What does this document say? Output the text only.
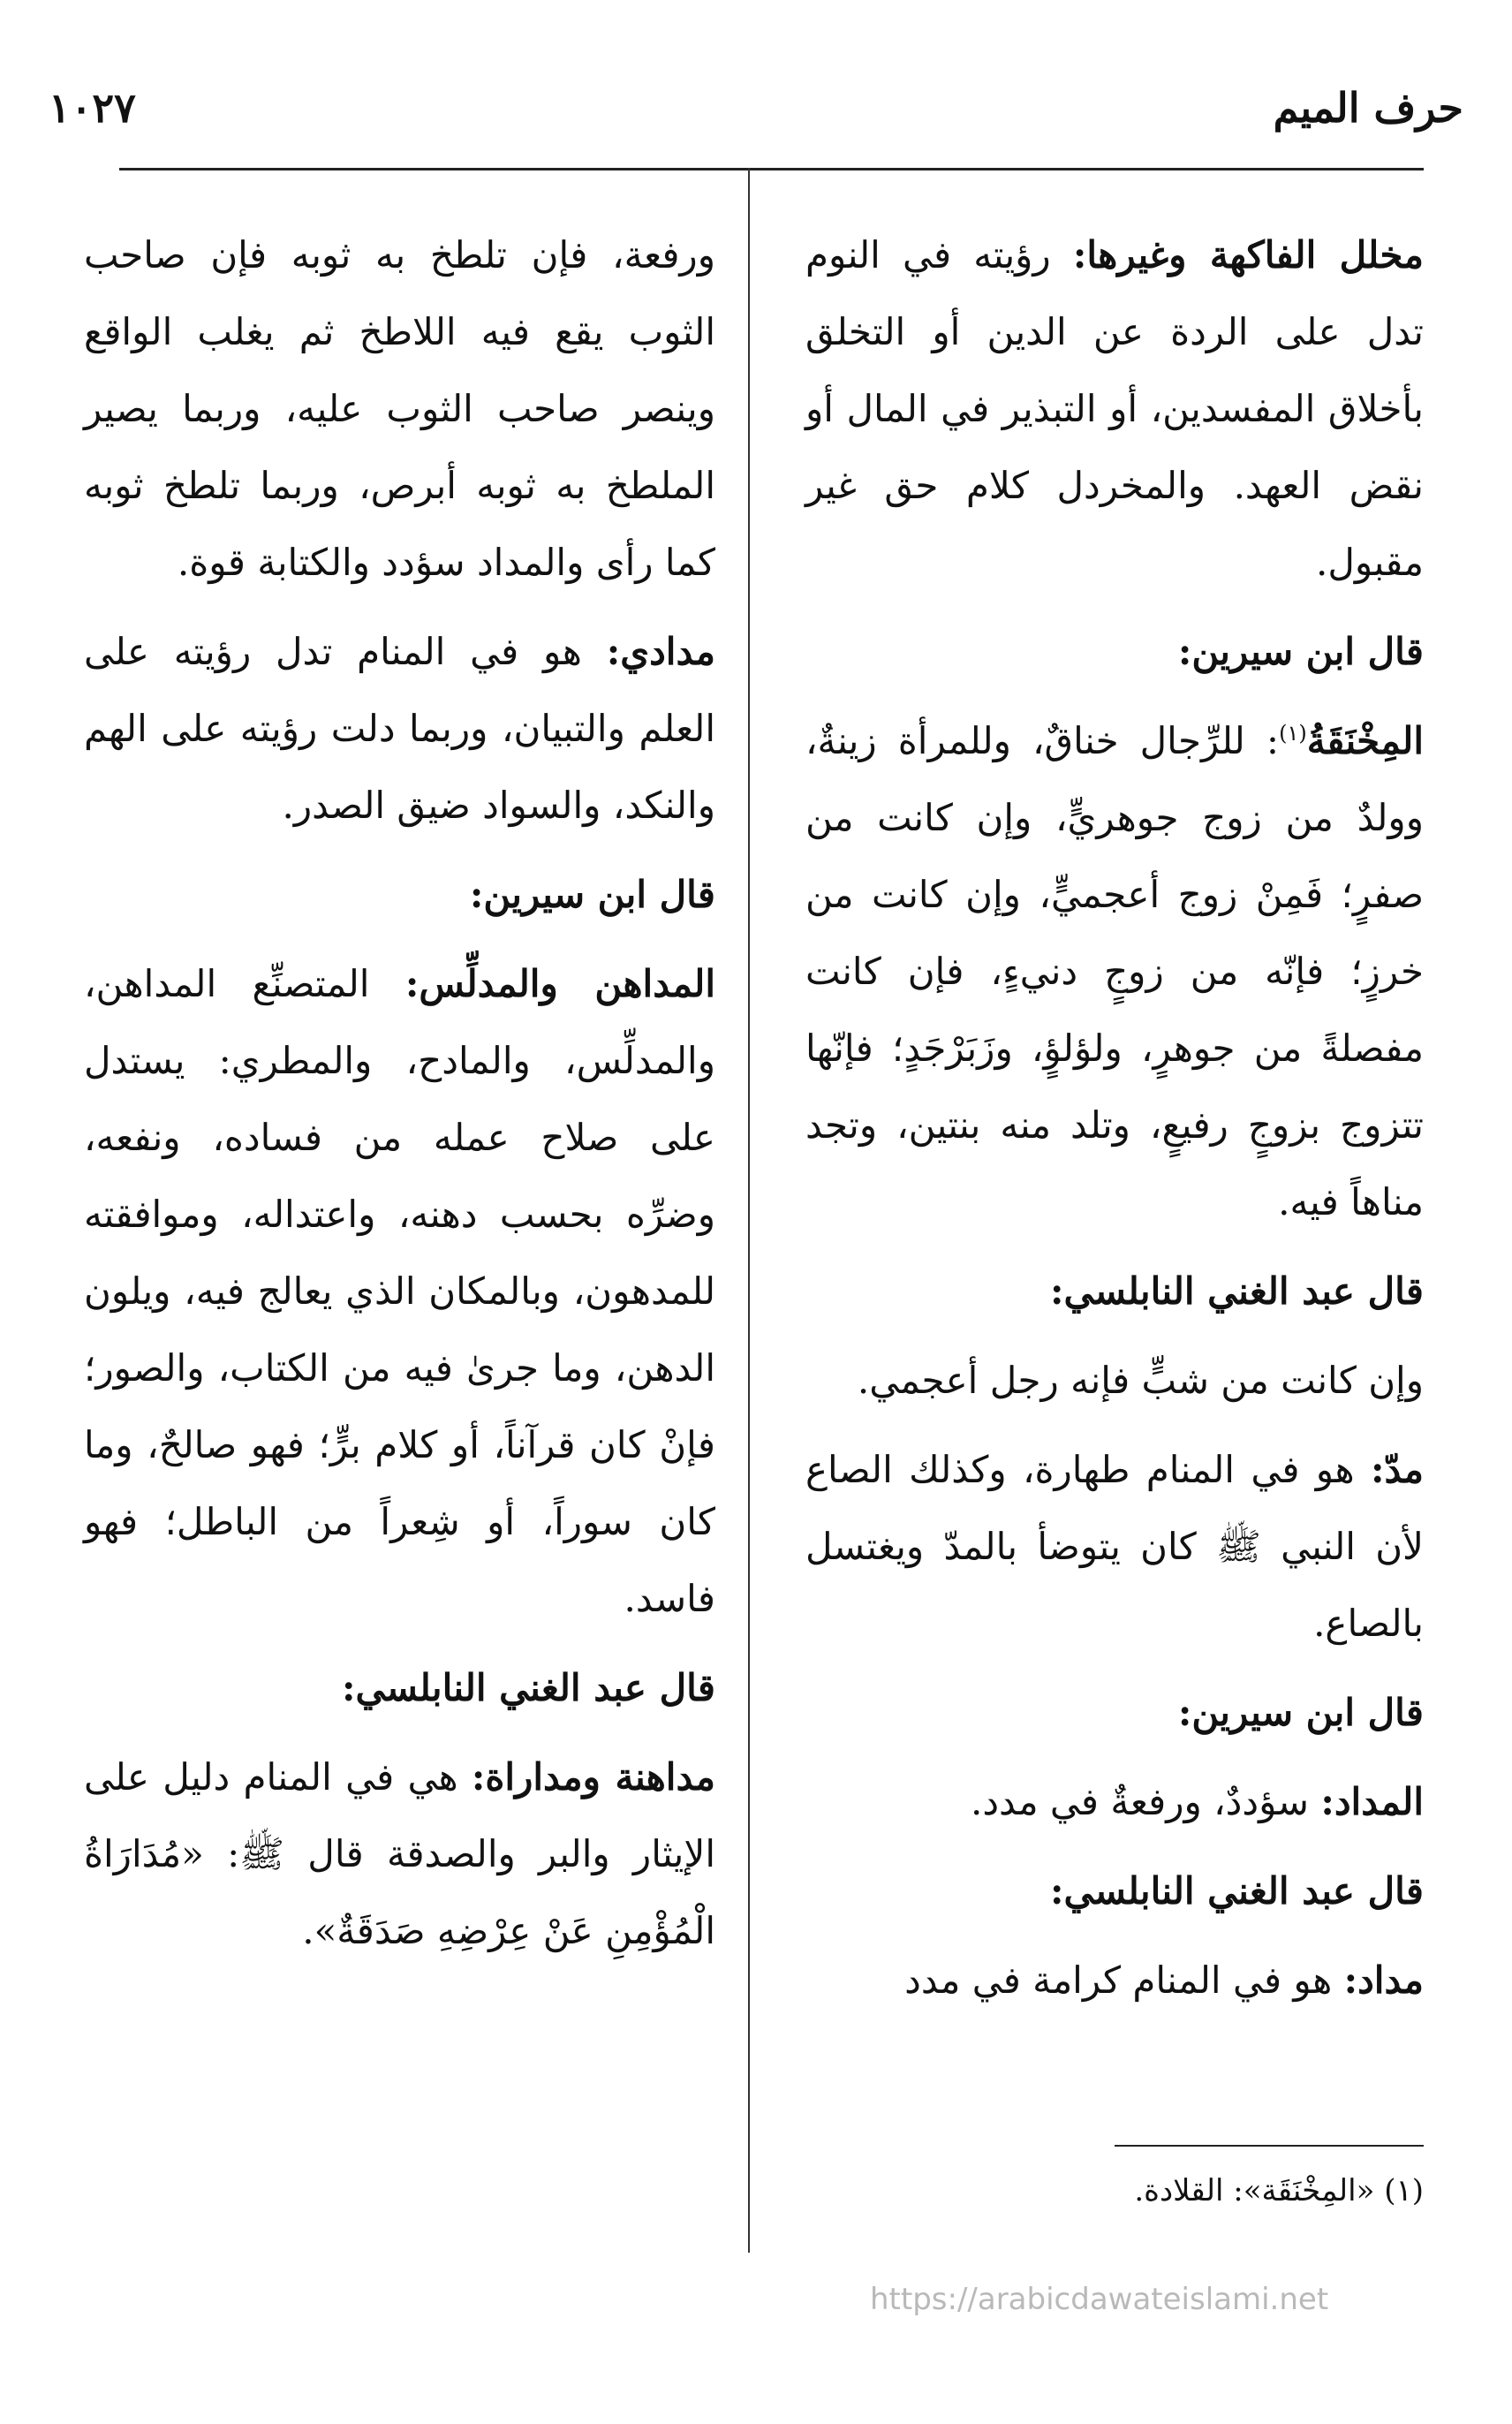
حرف الميم
١٠٢٧

مخلل الفاكهة وغيرها: رؤيته في النوم تدل على الردة عن الدين أو التخلق بأخلاق المفسدين، أو التبذير في المال أو نقض العهد. والمخردل كلام حق غير مقبول.

قال ابن سيرين:

المِخْنَقَةُ$^{(١)}$: للرِّجال خناقٌ، وللمرأة زينةٌ، وولدٌ من زوج جوهريٍّ، وإن كانت من صفرٍ؛ فَمِنْ زوج أعجميٍّ، وإن كانت من خرزٍ؛ فإنّه من زوجٍ دنيءٍ، فإن كانت مفصلةً من جوهرٍ، ولؤلؤٍ، وزَبَرْجَدٍ؛ فإنّها تتزوج بزوجٍ رفيعٍ، وتلد منه بنتين، وتجد مناهاً فيه.

قال عبد الغني النابلسي:

وإن كانت من شبٍّ فإنه رجل أعجمي.

مدّ: هو في المنام طهارة، وكذلك الصاع لأن النبي ﷺ كان يتوضأ بالمدّ ويغتسل بالصاع.

قال ابن سيرين:

المداد: سؤددٌ، ورفعةٌ في مدد.

قال عبد الغني النابلسي:

مداد: هو في المنام كرامة في مدد

ورفعة، فإن تلطخ به ثوبه فإن صاحب الثوب يقع فيه اللاطخ ثم يغلب الواقع وينصر صاحب الثوب عليه، وربما يصير الملطخ به ثوبه أبرص، وربما تلطخ ثوبه كما رأى والمداد سؤدد والكتابة قوة.

مدادي: هو في المنام تدل رؤيته على العلم والتبيان، وربما دلت رؤيته على الهم والنكد، والسواد ضيق الصدر.

قال ابن سيرين:

المداهن والمدلِّس: المتصنِّع المداهن، والمدلِّس، والمادح، والمطري: يستدل على صلاح عمله من فساده، ونفعه، وضرِّه بحسب دهنه، واعتداله، وموافقته للمدهون، وبالمكان الذي يعالج فيه، ويلون الدهن، وما جرىٰ فيه من الكتاب، والصور؛ فإنْ كان قرآناً، أو كلام برٍّ؛ فهو صالحٌ، وما كان سوراً، أو شِعراً من الباطل؛ فهو فاسد.

قال عبد الغني النابلسي:

مداهنة ومداراة: هي في المنام دليل على الإيثار والبر والصدقة قال ﷺ: «مُدَارَاةُ الْمُؤْمِنِ عَنْ عِرْضِهِ صَدَقَةٌ».

(١) «المِخْنَقَة»: القلادة.
https://arabicdawateislami.net
